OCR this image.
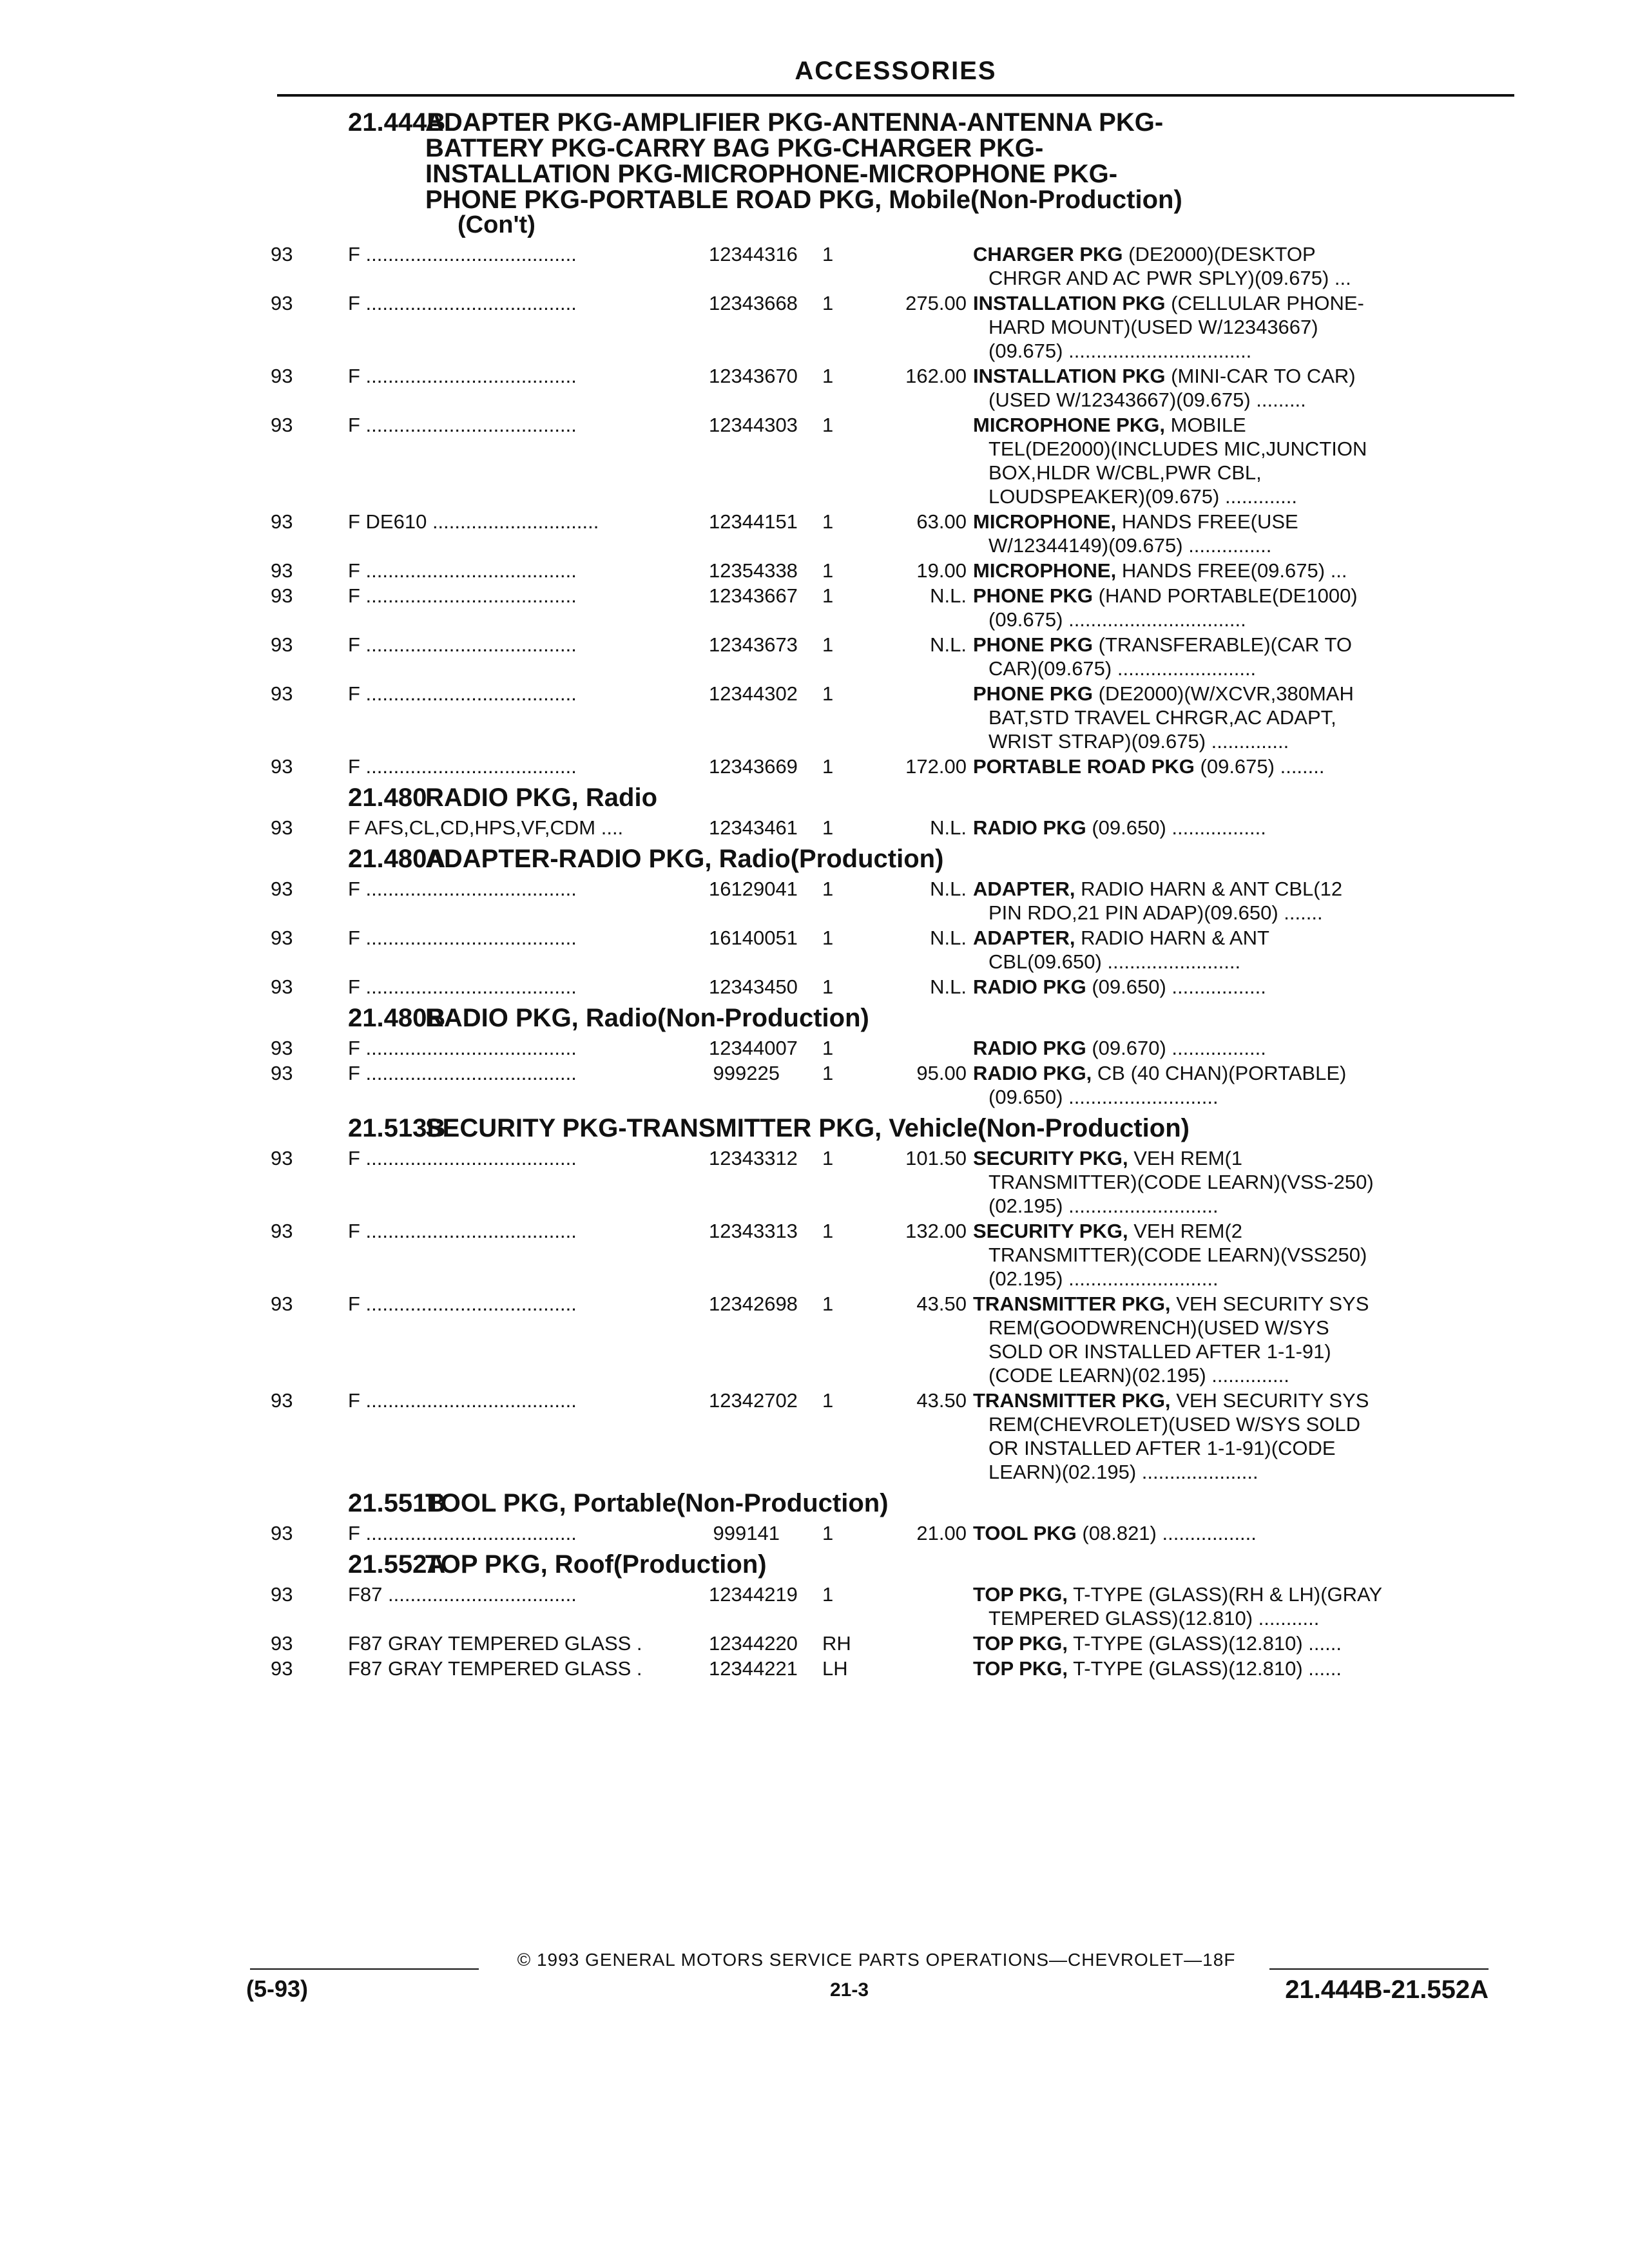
ACCESSORIES
21.444B
ADAPTER PKG-AMPLIFIER PKG-ANTENNA-ANTENNA PKG-
BATTERY PKG-CARRY BAG PKG-CHARGER PKG-
INSTALLATION PKG-MICROPHONE-MICROPHONE PKG-
PHONE PKG-PORTABLE ROAD PKG, Mobile(Non-Production)
(Con't)
93	F ......................................	12344316	1	CHARGER PKG (DE2000)(DESKTOP
CHRGR AND AC PWR SPLY)(09.675) ...
93	F ......................................	12343668	1	275.00 INSTALLATION PKG (CELLULAR PHONE-
HARD MOUNT)(USED W/12343667)
(09.675) .................................
93	F ......................................	12343670	1	162.00 INSTALLATION PKG (MINI-CAR TO CAR)
(USED W/12343667)(09.675) .........
93	F ......................................	12344303	1	MICROPHONE PKG, MOBILE
TEL(DE2000)(INCLUDES MIC,JUNCTION
BOX,HLDR W/CBL,PWR CBL,
LOUDSPEAKER)(09.675) .............
93	F DE610 ..............................	12344151	1	63.00 MICROPHONE, HANDS FREE(USE
W/12344149)(09.675) ...............
93	F ......................................	12354338	1	19.00 MICROPHONE, HANDS FREE(09.675) ...
93	F ......................................	12343667	1	N.L. PHONE PKG (HAND PORTABLE(DE1000)
(09.675) ................................
93	F ......................................	12343673	1	N.L. PHONE PKG (TRANSFERABLE)(CAR TO
CAR)(09.675) .........................
93	F ......................................	12344302	1	PHONE PKG (DE2000)(W/XCVR,380MAH
BAT,STD TRAVEL CHRGR,AC ADAPT,
WRIST STRAP)(09.675) ..............
93	F ......................................	12343669	1	172.00 PORTABLE ROAD PKG (09.675) ........
21.480
RADIO PKG, Radio
93	F AFS,CL,CD,HPS,VF,CDM ....	12343461	1	N.L. RADIO PKG (09.650) .................
21.480A
ADAPTER-RADIO PKG, Radio(Production)
93	F ......................................	16129041	1	N.L. ADAPTER, RADIO HARN & ANT CBL(12
PIN RDO,21 PIN ADAP)(09.650) .......
93	F ......................................	16140051	1	N.L. ADAPTER, RADIO HARN & ANT
CBL(09.650) ........................
93	F ......................................	12343450	1	N.L. RADIO PKG (09.650) .................
21.480B
RADIO PKG, Radio(Non-Production)
93	F ......................................	12344007	1	RADIO PKG (09.670) .................
93	F ......................................	999225	1	95.00 RADIO PKG, CB (40 CHAN)(PORTABLE)
(09.650) ...........................
21.513B
SECURITY PKG-TRANSMITTER PKG, Vehicle(Non-Production)
93	F ......................................	12343312	1	101.50 SECURITY PKG, VEH REM(1
TRANSMITTER)(CODE LEARN)(VSS-250)
(02.195) ...........................
93	F ......................................	12343313	1	132.00 SECURITY PKG, VEH REM(2
TRANSMITTER)(CODE LEARN)(VSS250)
(02.195) ...........................
93	F ......................................	12342698	1	43.50 TRANSMITTER PKG, VEH SECURITY SYS
REM(GOODWRENCH)(USED W/SYS
SOLD OR INSTALLED AFTER 1-1-91)
(CODE LEARN)(02.195) ..............
93	F ......................................	12342702	1	43.50 TRANSMITTER PKG, VEH SECURITY SYS
REM(CHEVROLET)(USED W/SYS SOLD
OR INSTALLED AFTER 1-1-91)(CODE
LEARN)(02.195) .....................
21.551B
TOOL PKG, Portable(Non-Production)
93	F ......................................	999141	1	21.00 TOOL PKG (08.821) .................
21.552A
TOP PKG, Roof(Production)
93	F87 ..................................	12344219	1	TOP PKG, T-TYPE (GLASS)(RH & LH)(GRAY
TEMPERED GLASS)(12.810) ...........
93	F87 GRAY TEMPERED GLASS .	12344220	RH	TOP PKG, T-TYPE (GLASS)(12.810) ......
93	F87 GRAY TEMPERED GLASS .	12344221	LH	TOP PKG, T-TYPE (GLASS)(12.810) ......
© 1993 GENERAL MOTORS SERVICE PARTS OPERATIONS—CHEVROLET—18F
(5-93)	21-3	21.444B-21.552A
